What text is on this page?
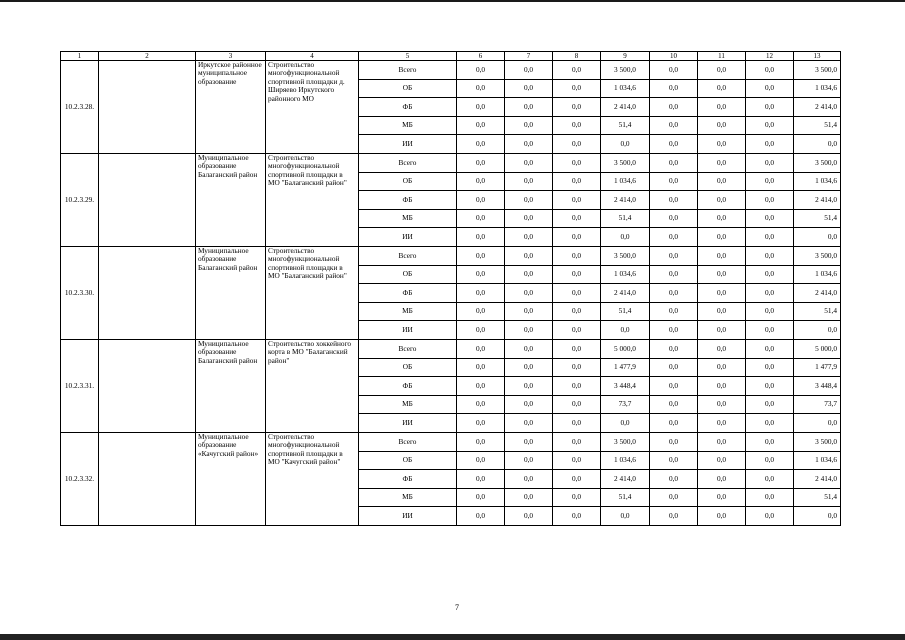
1	2	3	4	5	6	7	8	9	10	11	12	13
10.2.3.28.		Иркутское районное муниципальное образование	Строительство многофункциональной спортивной площадки д. Ширяево Иркутского районного МО	Всего	0,0	0,0	0,0	3 500,0	0,0	0,0	0,0	3 500,0
				ОБ	0,0	0,0	0,0	1 034,6	0,0	0,0	0,0	1 034,6
				ФБ	0,0	0,0	0,0	2 414,0	0,0	0,0	0,0	2 414,0
				МБ	0,0	0,0	0,0	51,4	0,0	0,0	0,0	51,4
				ИИ	0,0	0,0	0,0	0,0	0,0	0,0	0,0	0,0
10.2.3.29.		Муниципальное образование Балаганский район	Строительство многофункциональной спортивной площадки в МО "Балаганский район"	Всего	0,0	0,0	0,0	3 500,0	0,0	0,0	0,0	3 500,0
				ОБ	0,0	0,0	0,0	1 034,6	0,0	0,0	0,0	1 034,6
				ФБ	0,0	0,0	0,0	2 414,0	0,0	0,0	0,0	2 414,0
				МБ	0,0	0,0	0,0	51,4	0,0	0,0	0,0	51,4
				ИИ	0,0	0,0	0,0	0,0	0,0	0,0	0,0	0,0
10.2.3.30.		Муниципальное образование Балаганский район	Строительство многофункциональной спортивной площадки в МО "Балаганский район"	Всего	0,0	0,0	0,0	3 500,0	0,0	0,0	0,0	3 500,0
				ОБ	0,0	0,0	0,0	1 034,6	0,0	0,0	0,0	1 034,6
				ФБ	0,0	0,0	0,0	2 414,0	0,0	0,0	0,0	2 414,0
				МБ	0,0	0,0	0,0	51,4	0,0	0,0	0,0	51,4
				ИИ	0,0	0,0	0,0	0,0	0,0	0,0	0,0	0,0
10.2.3.31.		Муниципальное образование Балаганский район	Строительство хоккейного корта в МО "Балаганский район"	Всего	0,0	0,0	0,0	5 000,0	0,0	0,0	0,0	5 000,0
				ОБ	0,0	0,0	0,0	1 477,9	0,0	0,0	0,0	1 477,9
				ФБ	0,0	0,0	0,0	3 448,4	0,0	0,0	0,0	3 448,4
				МБ	0,0	0,0	0,0	73,7	0,0	0,0	0,0	73,7
				ИИ	0,0	0,0	0,0	0,0	0,0	0,0	0,0	0,0
10.2.3.32.		Муниципальное образование «Качугский район»	Строительство многофункциональной спортивной площадки в МО "Качугский район"	Всего	0,0	0,0	0,0	3 500,0	0,0	0,0	0,0	3 500,0
				ОБ	0,0	0,0	0,0	1 034,6	0,0	0,0	0,0	1 034,6
				ФБ	0,0	0,0	0,0	2 414,0	0,0	0,0	0,0	2 414,0
				МБ	0,0	0,0	0,0	51,4	0,0	0,0	0,0	51,4
				ИИ	0,0	0,0	0,0	0,0	0,0	0,0	0,0	0,0
7
